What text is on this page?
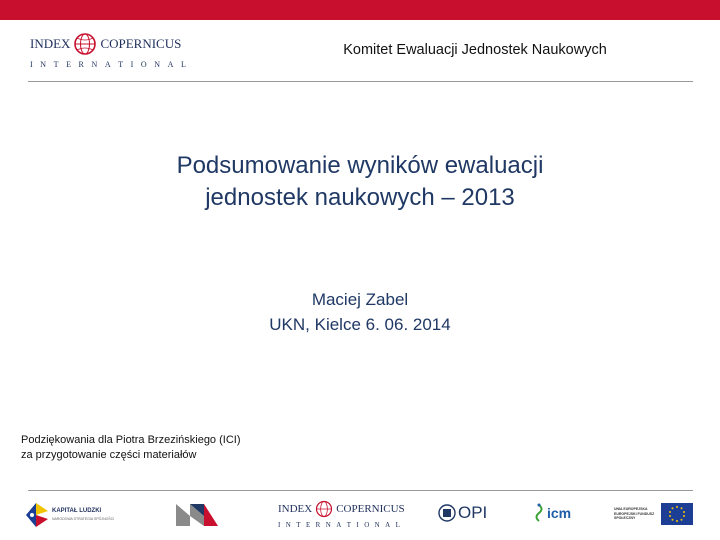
INDEX COPERNICUS
I N T E R N A T I O N A L
Komitet Ewaluacji Jednostek Naukowych
Podsumowanie wyników ewaluacji
jednostek naukowych – 2013
Maciej Zabel
UKN, Kielce 6. 06. 2014
Podziękowania dla Piotra Brzezińskiego (ICI)
za przygotowanie części materiałów
KAPITAŁ LUDZKI
NARODOWA STRATEGIA SPÓJNOŚCI
INDEX COPERNICUS
I N T E R N A T I O N A L
OPI	icm	UNIA EUROPEJSKA EUROPEJSKI FUNDUSZ SPOŁECZNY
